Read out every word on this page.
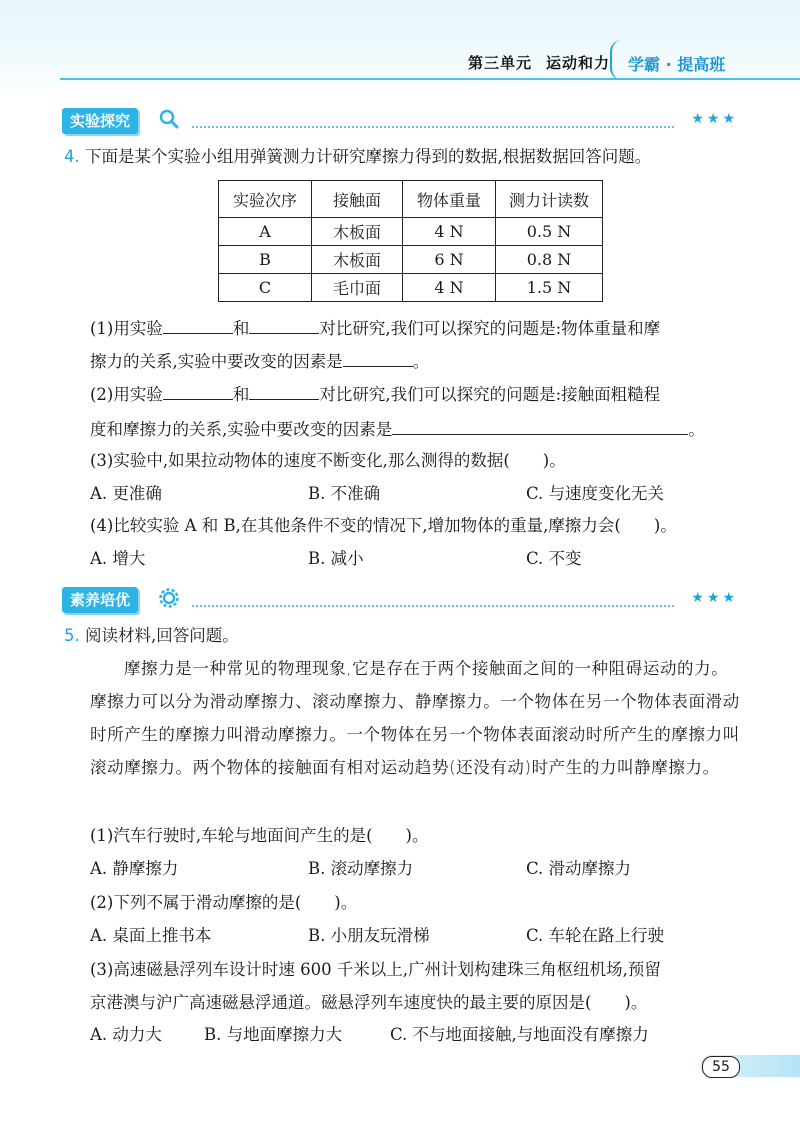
第三单元 运动和力 学霸 · 提高班
实验探究	★★★
4. 下面是某个实验小组用弹簧测力计研究摩擦力得到的数据,根据数据回答问题。
实验次序	接触面	物体重量	测力计读数
A	木板面	4 N	0.5 N
B	木板面	6 N	0.8 N
C	毛巾面	4 N	1.5 N
(1)用实验	和	对比研究,我们可以探究的问题是:物体重量和摩
擦力的关系,实验中要改变的因素是	。
(2)用实验	和	对比研究,我们可以探究的问题是:接触面粗糙程
度和摩擦力的关系,实验中要改变的因素是	。
(3)实验中,如果拉动物体的速度不断变化,那么测得的数据(　　)。
A. 更准确	B. 不准确	C. 与速度变化无关
(4)比较实验 A 和 B,在其他条件不变的情况下,增加物体的重量,摩擦力会(　　)。
A. 增大	B. 减小	C. 不变
素养培优	★★★
5. 阅读材料,回答问题。
摩擦力是一种常见的物理现象,它是存在于两个接触面之间的一种阻碍运动的力。摩擦力可以分为滑动摩擦力、滚动摩擦力、静摩擦力。一个物体在另一个物体表面滑动时所产生的摩擦力叫滑动摩擦力。一个物体在另一个物体表面滚动时所产生的摩擦力叫滚动摩擦力。两个物体的接触面有相对运动趋势(还没有动)时产生的力叫静摩擦力。
(1)汽车行驶时,车轮与地面间产生的是(　　)。
A. 静摩擦力	B. 滚动摩擦力	C. 滑动摩擦力
(2)下列不属于滑动摩擦的是(　　)。
A. 桌面上推书本	B. 小朋友玩滑梯	C. 车轮在路上行驶
(3)高速磁悬浮列车设计时速 600 千米以上,广州计划构建珠三角枢纽机场,预留
京港澳与沪广高速磁悬浮通道。磁悬浮列车速度快的最主要的原因是(　　)。
A. 动力大	B. 与地面摩擦力大	C. 不与地面接触,与地面没有摩擦力
55
